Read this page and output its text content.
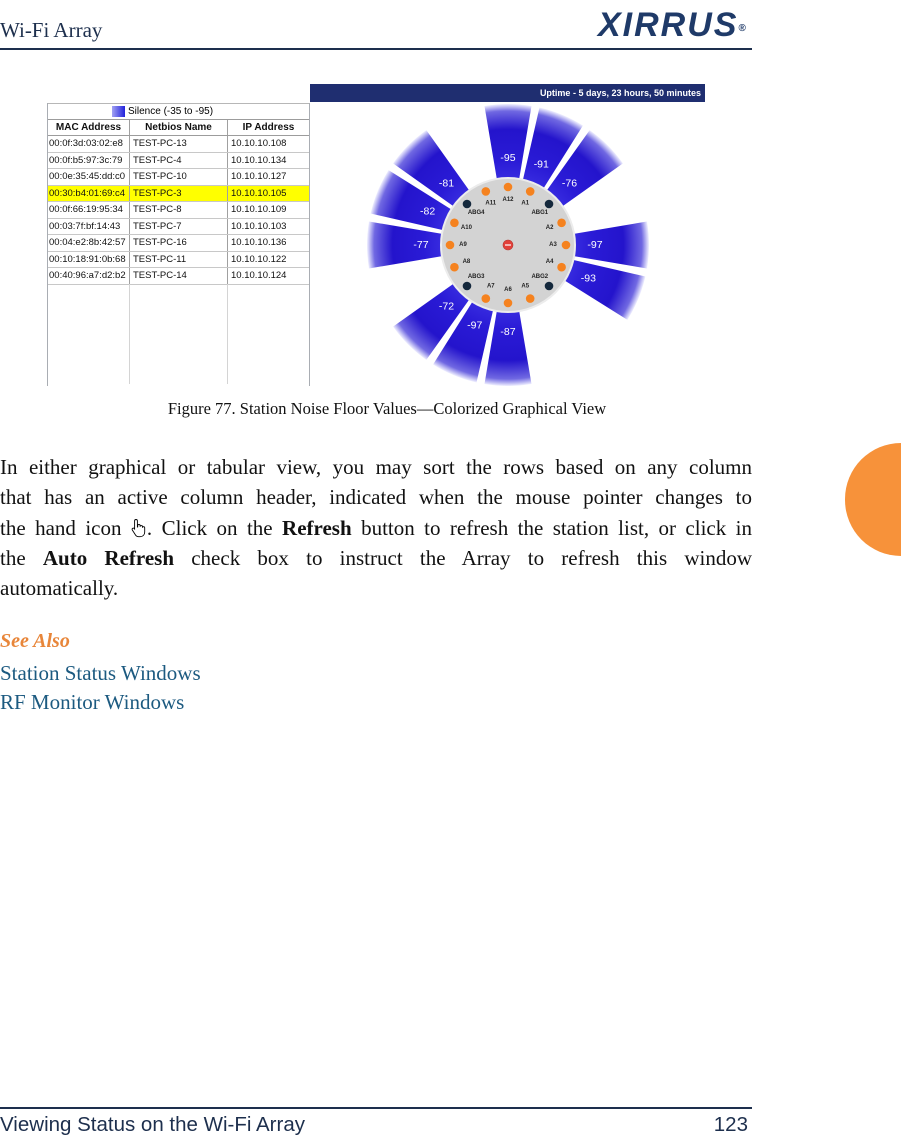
Wi-Fi Array	XIRRUS®
Uptime - 5 days, 23 hours, 50 minutes
Silence (-35 to -95)
MAC Address	Netbios Name	IP Address
00:0f:3d:03:02:e8	TEST-PC-13	10.10.10.108
00:0f:b5:97:3c:79	TEST-PC-4	10.10.10.134
00:0e:35:45:dd:c0 TEST-PC-10	10.10.10.127
00:30:b4:01:69:c4 TEST-PC-3	10.10.10.105
00:0f:66:19:95:34	TEST-PC-8	10.10.10.109
00:03:7f:bf:14:43	TEST-PC-7	10.10.10.103
00:04:e2:8b:42:57 TEST-PC-16	10.10.10.136
00:10:18:91:0b:68 TEST-PC-11	10.10.10.122
00:40:96:a7:d2:b2 TEST-PC-14	10.10.10.124
-95
-91
-76
-97
-93
-87
-97
-72
-77
-82
-81
A12
A1
ABG1
A2
A3
A4
ABG2
A5
A6
A7
ABG3
A8
A9
A10
ABG4
A11
Figure 77. Station Noise Floor Values—Colorized Graphical View
In either graphical or tabular view, you may sort the rows based on any column
that has an active column header, indicated when the mouse pointer changes to
the hand icon . Click on the Refresh button to refresh the station list, or click in
the Auto Refresh check box to instruct the Array to refresh this window
automatically.
See Also
Station Status Windows
RF Monitor Windows
Viewing Status on the Wi-Fi Array	123
